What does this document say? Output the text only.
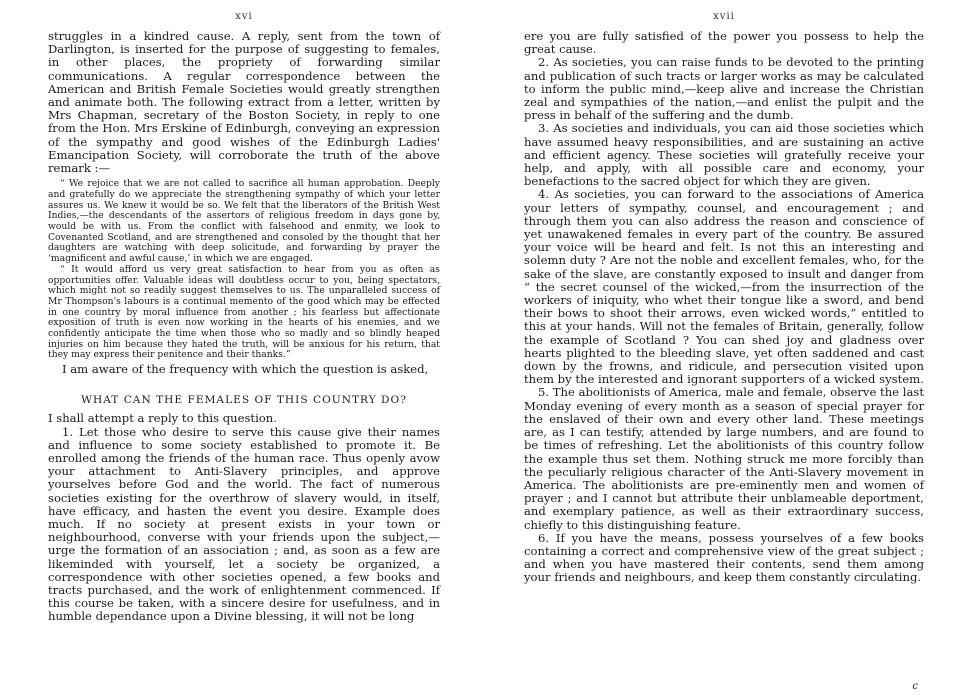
xvi

struggles in a kindred cause. A reply, sent from the town of Darlington, is inserted for the purpose of suggesting to females, in other places, the propriety of forwarding similar communications. A regular correspondence between the American and British Female Societies would greatly strengthen and animate both. The following extract from a letter, written by Mrs Chapman, secretary of the Boston Society, in reply to one from the Hon. Mrs Erskine of Edinburgh, conveying an expression of the sympathy and good wishes of the Edinburgh Ladies' Emancipation Society, will corroborate the truth of the above remark :—

“ We rejoice that we are not called to sacrifice all human approbation. Deeply and gratefully do we appreciate the strengthening sympathy of which your letter assures us. We knew it would be so. We felt that the liberators of the British West Indies,—the descendants of the assertors of religious freedom in days gone by, would be with us. From the conflict with falsehood and enmity, we look to Covenanted Scotland, and are strengthened and consoled by the thought that her daughters are watching with deep solicitude, and forwarding by prayer the ‘magnificent and awful cause,’ in which we are engaged.

“ It would afford us very great satisfaction to hear from you as often as opportunities offer. Valuable ideas will doubtless occur to you, being spectators, which might not so readily suggest themselves to us. The unparalleled success of Mr Thompson's labours is a continual memento of the good which may be effected in one country by moral influence from another ; his fearless but affectionate exposition of truth is even now working in the hearts of his enemies, and we confidently anticipate the time when those who so madly and so blindly heaped injuries on him because they hated the truth, will be anxious for his return, that they may express their penitence and their thanks.”

I am aware of the frequency with which the question is asked,

WHAT CAN THE FEMALES OF THIS COUNTRY DO?

I shall attempt a reply to this question.

1. Let those who desire to serve this cause give their names and influence to some society established to promote it. Be enrolled among the friends of the human race. Thus openly avow your attachment to Anti-Slavery principles, and approve yourselves before God and the world. The fact of numerous societies existing for the overthrow of slavery would, in itself, have efficacy, and hasten the event you desire. Example does much. If no society at present exists in your town or neighbourhood, converse with your friends upon the subject,—urge the formation of an association ; and, as soon as a few are likeminded with yourself, let a society be organized, a correspondence with other societies opened, a few books and tracts purchased, and the work of enlightenment commenced. If this course be taken, with a sincere desire for usefulness, and in humble dependance upon a Divine blessing, it will not be long

xvii

ere you are fully satisfied of the power you possess to help the great cause.

2. As societies, you can raise funds to be devoted to the printing and publication of such tracts or larger works as may be calculated to inform the public mind,—keep alive and increase the Christian zeal and sympathies of the nation,—and enlist the pulpit and the press in behalf of the suffering and the dumb.

3. As societies and individuals, you can aid those societies which have assumed heavy responsibilities, and are sustaining an active and efficient agency. These societies will gratefully receive your help, and apply, with all possible care and economy, your benefactions to the sacred object for which they are given.

4. As societies, you can forward to the associations of America your letters of sympathy, counsel, and encouragement ; and through them you can also address the reason and conscience of yet unawakened females in every part of the country. Be assured your voice will be heard and felt. Is not this an interesting and solemn duty ? Are not the noble and excellent females, who, for the sake of the slave, are constantly exposed to insult and danger from “ the secret counsel of the wicked,—from the insurrection of the workers of iniquity, who whet their tongue like a sword, and bend their bows to shoot their arrows, even wicked words,” entitled to this at your hands. Will not the females of Britain, generally, follow the example of Scotland ? You can shed joy and gladness over hearts plighted to the bleeding slave, yet often saddened and cast down by the frowns, and ridicule, and persecution visited upon them by the interested and ignorant supporters of a wicked system.

5. The abolitionists of America, male and female, observe the last Monday evening of every month as a season of special prayer for the enslaved of their own and every other land. These meetings are, as I can testify, attended by large numbers, and are found to be times of refreshing. Let the abolitionists of this country follow the example thus set them. Nothing struck me more forcibly than the peculiarly religious character of the Anti-Slavery movement in America. The abolitionists are pre-eminently men and women of prayer ; and I cannot but attribute their unblameable deportment, and exemplary patience, as well as their extraordinary success, chiefly to this distinguishing feature.

6. If you have the means, possess yourselves of a few books containing a correct and comprehensive view of the great subject ; and when you have mastered their contents, send them among your friends and neighbours, and keep them constantly circulating.

c
